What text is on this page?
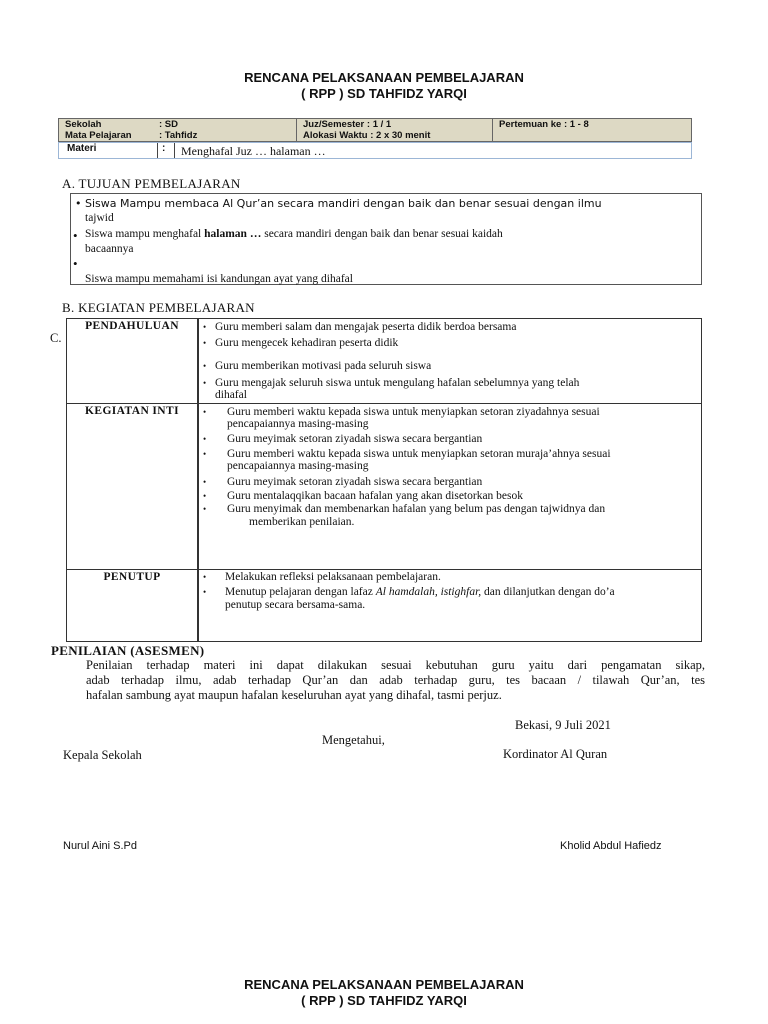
RENCANA PELAKSANAAN PEMBELAJARAN
( RPP ) SD TAHFIDZ YARQI
Sekolah	: SD
Mata Pelajaran	: Tahfidz
Juz/Semester : 1 / 1
Alokasi Waktu : 2 x 30 menit
Pertemuan ke : 1 - 8
Materi	: Menghafal Juz … halaman …
A. TUJUAN PEMBELAJARAN
• Siswa Mampu membaca Al Qur’an secara mandiri dengan baik dan benar sesuai dengan ilmu
tajwid
• Siswa mampu menghafal halaman … secara mandiri dengan baik dan benar sesuai kaidah
bacaannya
•
Siswa mampu memahami isi kandungan ayat yang dihafal
B. KEGIATAN PEMBELAJARAN
C.
PENDAHULUAN	• Guru memberi salam dan mengajak peserta didik berdoa bersama
• Guru mengecek kehadiran peserta didik
• Guru memberikan motivasi pada seluruh siswa
• Guru mengajak seluruh siswa untuk mengulang hafalan sebelumnya yang telah
dihafal
KEGIATAN INTI	• Guru memberi waktu kepada siswa untuk menyiapkan setoran ziyadahnya sesuai
pencapaiannya masing-masing
• Guru meyimak setoran ziyadah siswa secara bergantian
• Guru memberi waktu kepada siswa untuk menyiapkan setoran muraja’ahnya sesuai
pencapaiannya masing-masing
• Guru meyimak setoran ziyadah siswa secara bergantian
• Guru mentalaqqikan bacaan hafalan yang akan disetorkan besok
• Guru menyimak dan membenarkan hafalan yang belum pas dengan tajwidnya dan
memberikan penilaian.
PENUTUP	• Melakukan refleksi pelaksanaan pembelajaran.
• Menutup pelajaran dengan lafaz Al hamdalah, istighfar, dan dilanjutkan dengan do’a
penutup secara bersama-sama.
PENILAIAN (ASESMEN)
Penilaian terhadap materi ini dapat dilakukan sesuai kebutuhan guru yaitu dari pengamatan sikap,
adab terhadap ilmu, adab terhadap Qur’an dan adab terhadap guru, tes bacaan / tilawah Qur’an, tes
hafalan sambung ayat maupun hafalan keseluruhan ayat yang dihafal, tasmi perjuz.
Bekasi, 9 Juli 2021
Mengetahui,
Kepala Sekolah	Kordinator Al Quran
Nurul Aini S.Pd	Kholid Abdul Hafiedz
RENCANA PELAKSANAAN PEMBELAJARAN
( RPP ) SD TAHFIDZ YARQI
